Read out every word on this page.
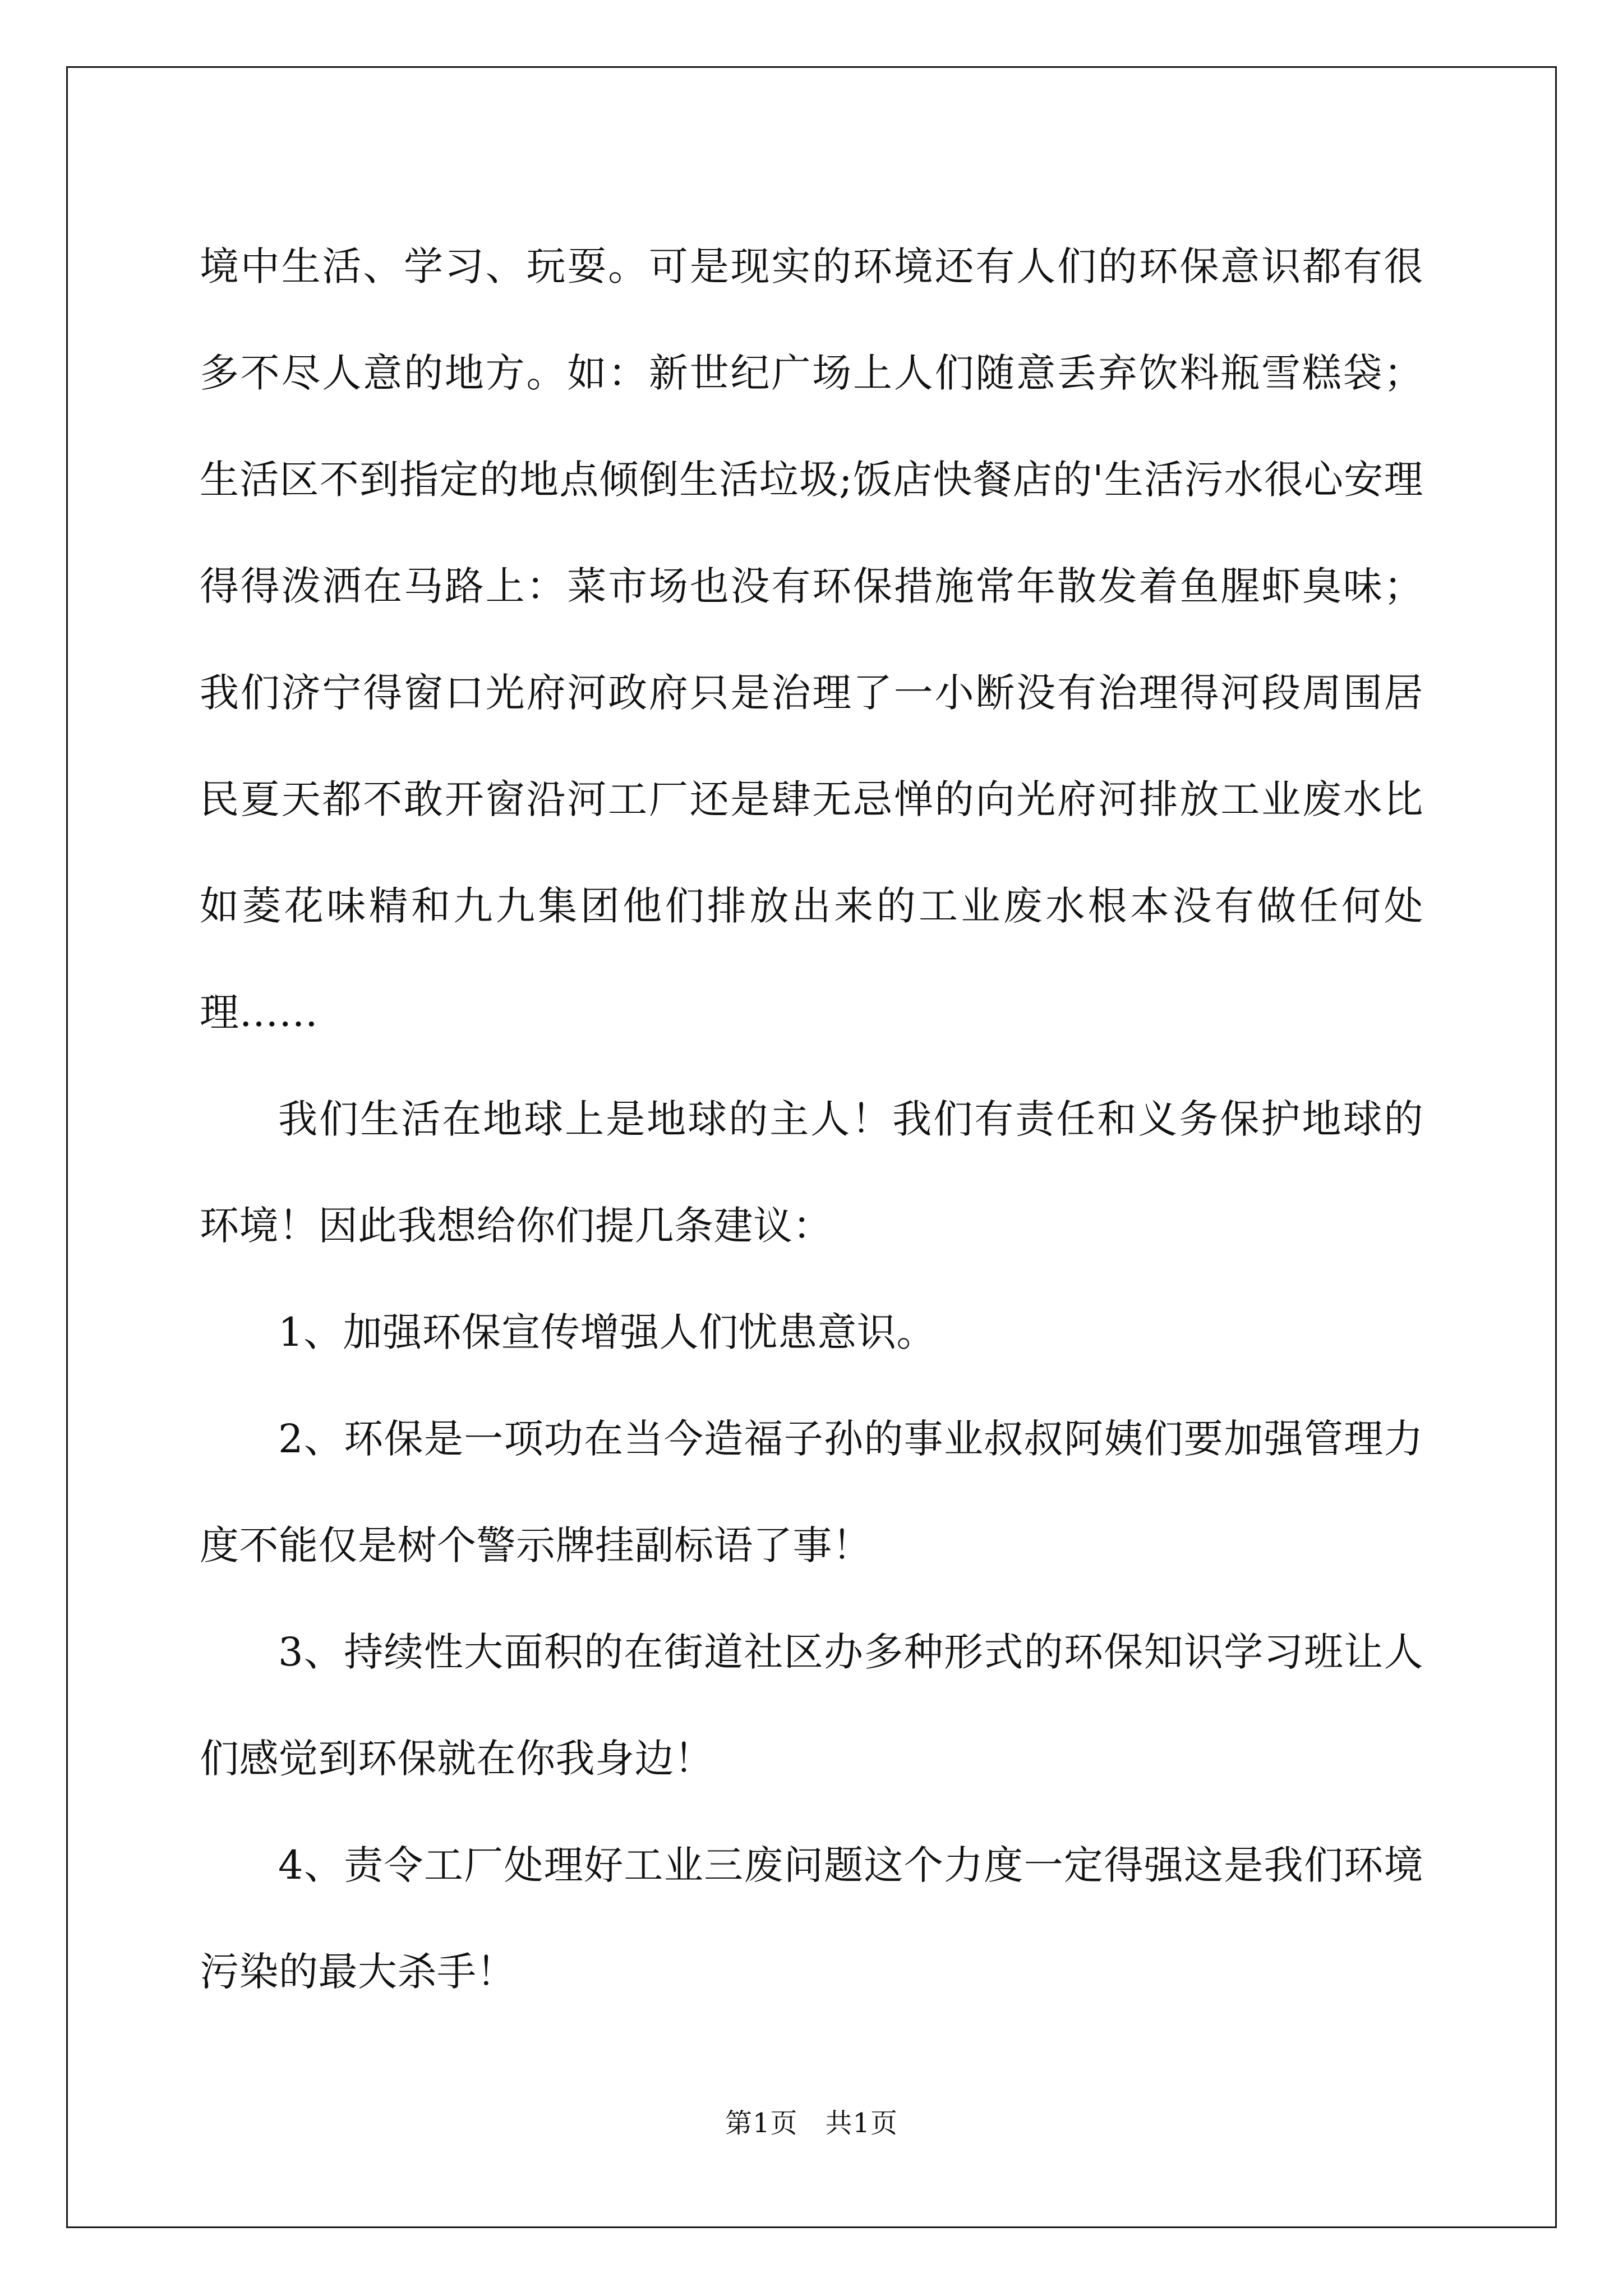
境中生活、学习、玩耍。可是现实的环境还有人们的环保意识都有很多不尽人意的地方。如：新世纪广场上人们随意丢弃饮料瓶雪糕袋；生活区不到指定的地点倾倒生活垃圾;饭店快餐店的'生活污水很心安理得得泼洒在马路上：菜市场也没有环保措施常年散发着鱼腥虾臭味；我们济宁得窗口光府河政府只是治理了一小断没有治理得河段周围居民夏天都不敢开窗沿河工厂还是肆无忌惮的向光府河排放工业废水比如菱花味精和九九集团他们排放出来的工业废水根本没有做任何处理……

我们生活在地球上是地球的主人！我们有责任和义务保护地球的环境！因此我想给你们提几条建议：

1、加强环保宣传增强人们忧患意识。

2、环保是一项功在当今造福子孙的事业叔叔阿姨们要加强管理力度不能仅是树个警示牌挂副标语了事！

3、持续性大面积的在街道社区办多种形式的环保知识学习班让人们感觉到环保就在你我身边！

4、责令工厂处理好工业三废问题这个力度一定得强这是我们环境污染的最大杀手！

第1页　共1页
